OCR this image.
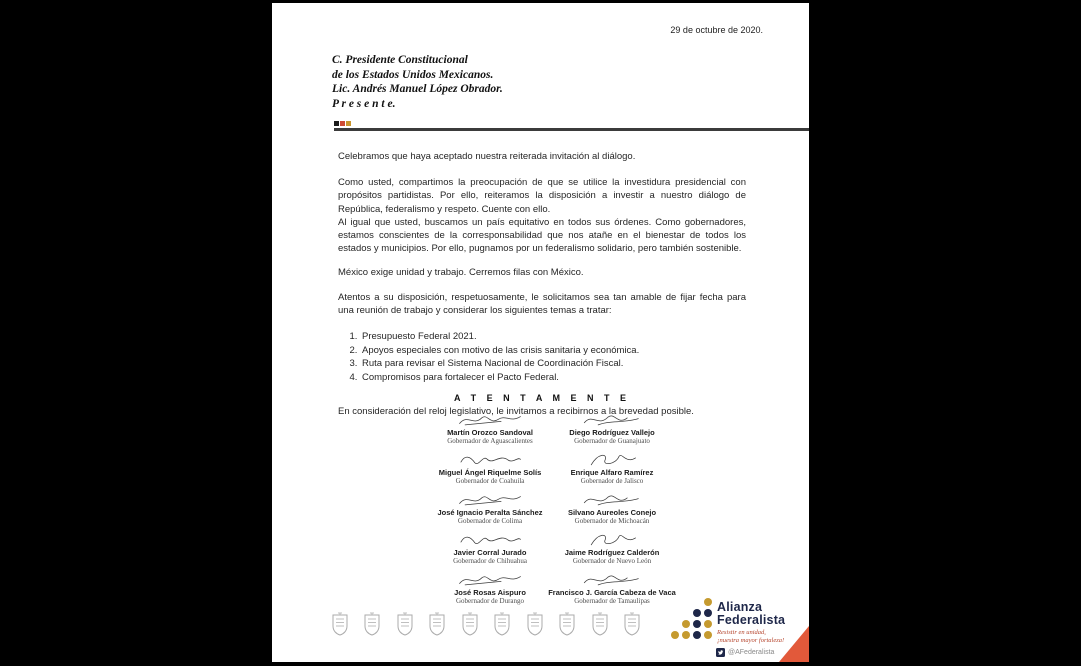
29 de octubre de 2020.
C. Presidente Constitucional
de los Estados Unidos Mexicanos.
Lic. Andrés Manuel López Obrador.
P r e s e n t e.

Celebramos que haya aceptado nuestra reiterada invitación al diálogo.

Como usted, compartimos la preocupación de que se utilice la investidura presidencial con propósitos partidistas. Por ello, reiteramos la disposición a investir a nuestro diálogo de República, federalismo y respeto. Cuente con ello.

Al igual que usted, buscamos un país equitativo en todos sus órdenes. Como gobernadores, estamos conscientes de la corresponsabilidad que nos atañe en el bienestar de todos los estados y municipios. Por ello, pugnamos por un federalismo solidario, pero también sostenible.

México exige unidad y trabajo. Cerremos filas con México.

Atentos a su disposición, respetuosamente, le solicitamos sea tan amable de fijar fecha para una reunión de trabajo y considerar los siguientes temas a tratar:

1. Presupuesto Federal 2021.
2. Apoyos especiales con motivo de las crisis sanitaria y económica.
3. Ruta para revisar el Sistema Nacional de Coordinación Fiscal.
4. Compromisos para fortalecer el Pacto Federal.

En consideración del reloj legislativo, le invitamos a recibirnos a la brevedad posible.

A T E N T A M E N T E
Martín Orozco Sandoval
Gobernador de Aguascalientes
Diego Rodríguez Vallejo
Gobernador de Guanajuato
Miguel Ángel Riquelme Solís
Gobernador de Coahuila
Enrique Alfaro Ramírez
Gobernador de Jalisco
José Ignacio Peralta Sánchez
Gobernador de Colima
Silvano Aureoles Conejo
Gobernador de Michoacán
Javier Corral Jurado
Gobernador de Chihuahua
Jaime Rodríguez Calderón
Gobernador de Nuevo León
José Rosas Aispuro
Gobernador de Durango
Francisco J. García Cabeza de Vaca
Gobernador de Tamaulipas	Alianza
Federalista
Resistir en unidad,
¡nuestra mayor fortaleza!
@AFederalista
